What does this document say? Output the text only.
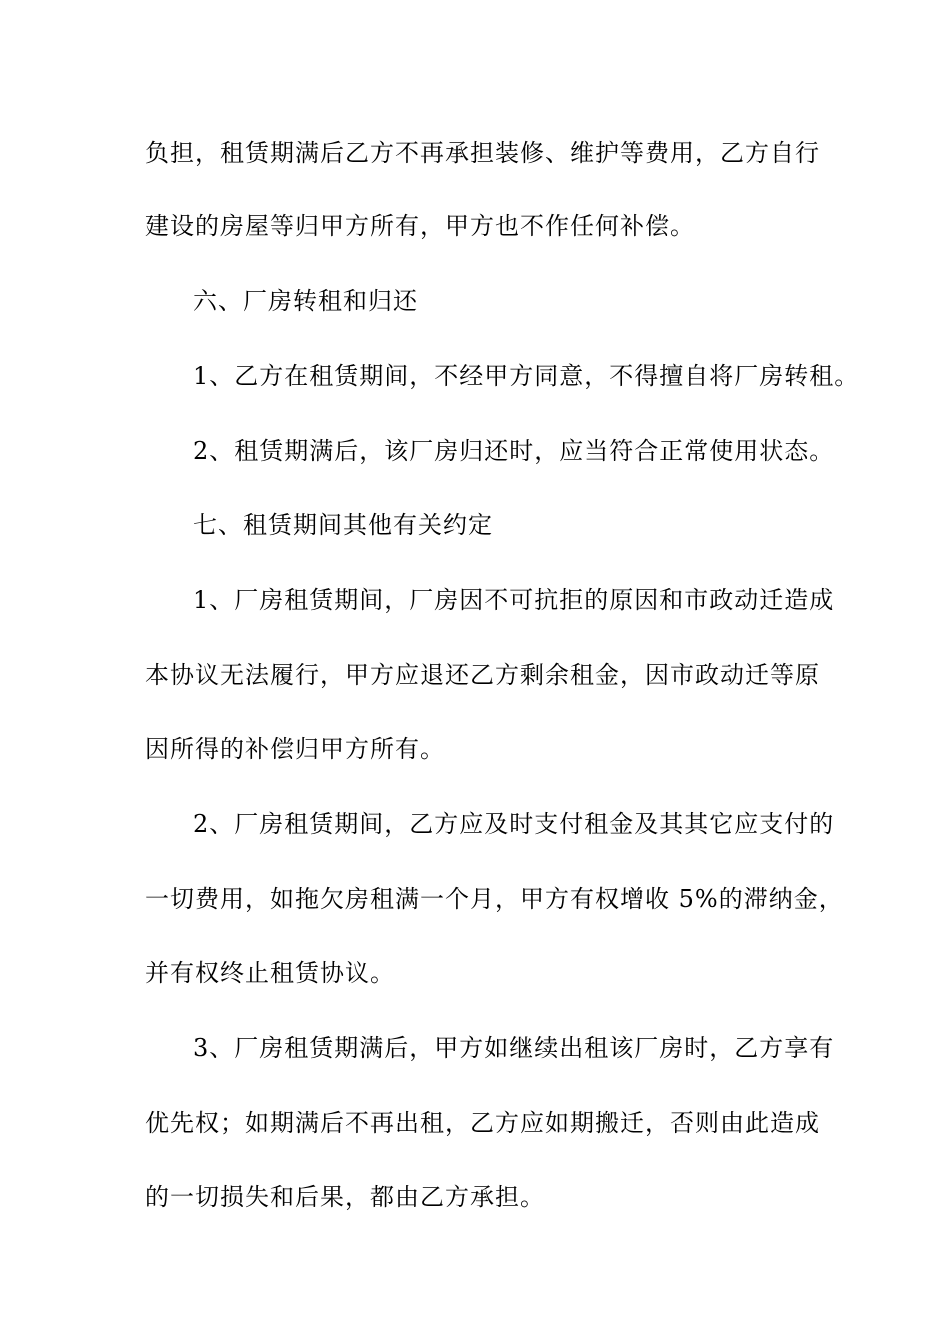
负担，租赁期满后乙方不再承担装修、维护等费用，乙方自行
建设的房屋等归甲方所有，甲方也不作任何补偿。
六、厂房转租和归还
1、乙方在租赁期间，不经甲方同意，不得擅自将厂房转租。
2、租赁期满后，该厂房归还时，应当符合正常使用状态。
七、租赁期间其他有关约定
1、厂房租赁期间，厂房因不可抗拒的原因和市政动迁造成
本协议无法履行，甲方应退还乙方剩余租金，因市政动迁等原
因所得的补偿归甲方所有。
2、厂房租赁期间，乙方应及时支付租金及其其它应支付的
一切费用，如拖欠房租满一个月，甲方有权增收 5%的滞纳金，
并有权终止租赁协议。
3、厂房租赁期满后，甲方如继续出租该厂房时，乙方享有
优先权；如期满后不再出租，乙方应如期搬迁，否则由此造成
的一切损失和后果，都由乙方承担。
